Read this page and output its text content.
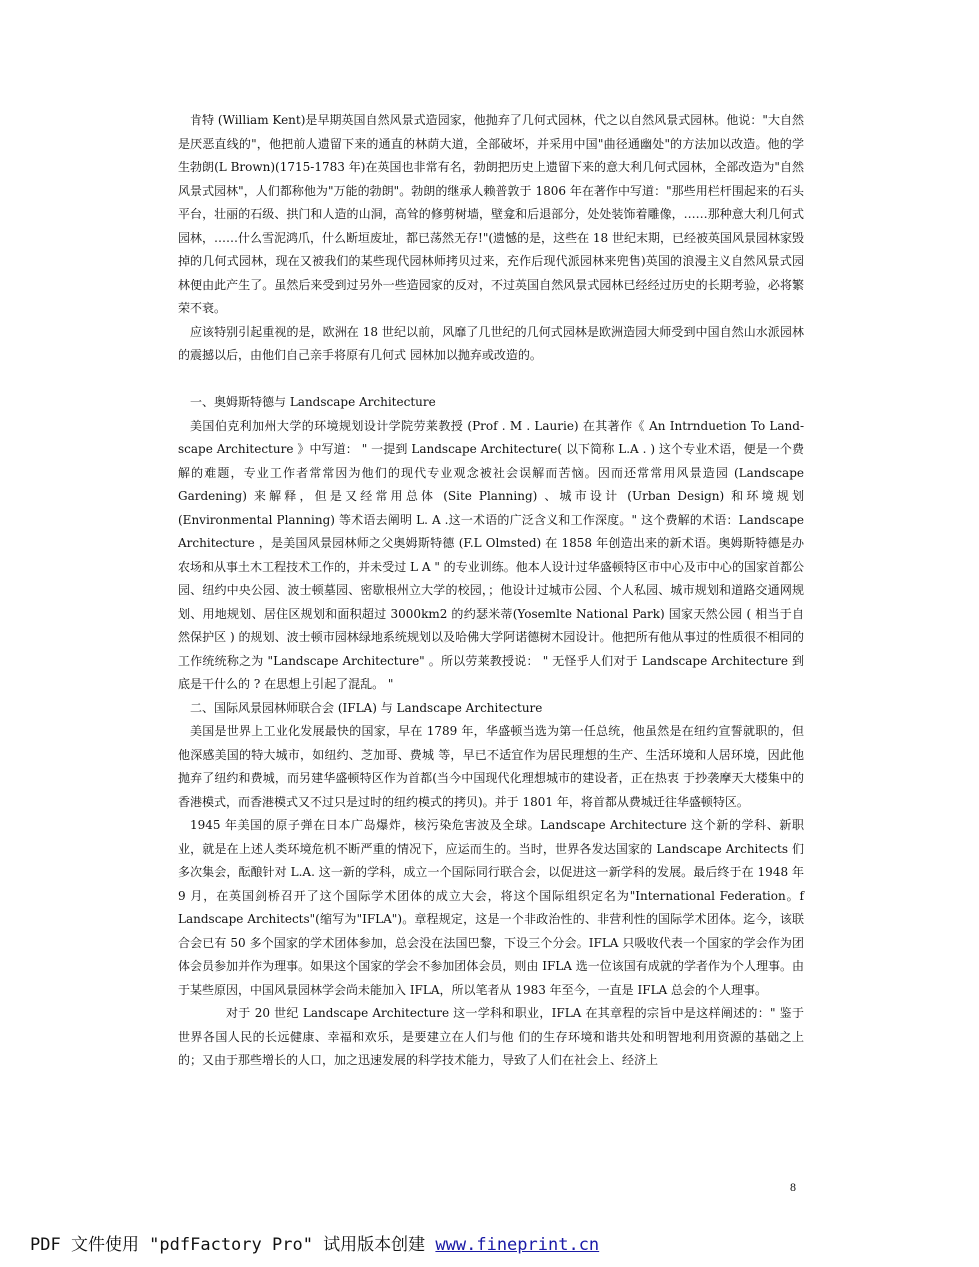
肯特 (William Kent)是早期英国自然风景式造园家，他抛弃了几何式园林，代之以自然风景式园林。他说："大自然是厌恶直线的"，他把前人遗留下来的通直的林荫大道，全部破坏，并采用中国"曲径通幽处"的方法加以改造。他的学生勃朗(L Brown)(1715-1783 年)在英国也非常有名，勃朗把历史上遗留下来的意大利几何式园林，全部改造为"自然风景式园林"，人们都称他为"万能的勃朗"。勃朗的继承人赖普敦于 1806 年在著作中写道："那些用栏杆围起来的石头平台，壮丽的石级、拱门和人造的山洞，高耸的修剪树墙，壁龛和后退部分，处处装饰着雕像，……那种意大利几何式园林，……什么雪泥鸿爪，什么断垣废址，都已荡然无存!"(遗憾的是，这些在 18 世纪末期，已经被英国风景园林家毁掉的几何式园林，现在又被我们的某些现代园林师拷贝过来，充作后现代派园林来兜售)英国的浪漫主义自然风景式园林便由此产生了。虽然后来受到过另外一些造园家的反对，不过英国自然风景式园林已经经过历史的长期考验，必将繁荣不衰。

应该特别引起重视的是，欧洲在 18 世纪以前，风靡了几世纪的几何式园林是欧洲造园大师受到中国自然山水派园林的震撼以后，由他们自己亲手将原有几何式 园林加以抛弃或改造的。

一、奥姆斯特德与 Landscape Architecture

美国伯克利加州大学的环境规划设计学院劳莱教授 (Prof . M . Laurie) 在其著作《 An Intrnduetion To Land-scape Architecture 》中写道： " 一提到 Landscape Architecture( 以下简称 L.A . ) 这个专业术语，便是一个费解的难题，专业工作者常常因为他们的现代专业观念被社会误解而苦恼。因而还常常用风景造园 (Landscape Gardening) 来解释，但是又经常用总体 (Site Planning) 、城市设计 (Urban Design) 和环境规划 (Environmental Planning) 等术语去阐明 L. A .这一术语的广泛含义和工作深度。" 这个费解的术语：Landscape Architecture ，是美国风景园林师之父奥姆斯特德 (F.L Olmsted) 在 1858 年创造出来的新术语。奥姆斯特德是办农场和从事土木工程技术工作的，并未受过 L A " 的专业训练。他本人设计过华盛顿特区市中心及市中心的国家首都公园、纽约中央公园、波士顿墓园、密歇根州立大学的校园，；他设计过城市公园、个人私园、城市规划和道路交通网规划、用地规划、居住区规划和面积超过 3000km2 的约瑟米蒂(Yosemlte National Park) 国家天然公园 ( 相当于自然保护区 ) 的规划、波士顿市园林绿地系统规划以及哈佛大学阿诺德树木园设计。他把所有他从事过的性质很不相同的工作统统称之为 "Landscape Architecture" 。所以劳莱教授说： " 无怪乎人们对于 Landscape Architecture 到底是干什么的 ? 在思想上引起了混乱。 "

二、国际风景园林师联合会 (IFLA) 与 Landscape Architecture

美国是世界上工业化发展最快的国家，早在 1789 年，华盛顿当选为第一任总统，他虽然是在纽约宣誓就职的，但他深感美国的特大城市，如纽约、芝加哥、费城 等，早已不适宜作为居民理想的生产、生活环境和人居环境，因此他抛弃了纽约和费城，而另建华盛顿特区作为首都(当今中国现代化理想城市的建设者，正在热衷 于抄袭摩天大楼集中的香港模式，而香港模式又不过只是过时的纽约模式的拷贝)。并于 1801 年，将首都从费城迁往华盛顿特区。

1945 年美国的原子弹在日本广岛爆炸，核污染危害波及全球。Landscape Architecture 这个新的学科、新职业，就是在上述人类环境危机不断严重的情况下，应运而生的。当时，世界各发达国家的 Landscape Architects 们多次集会，酝酿针对 L.A. 这一新的学科，成立一个国际同行联合会，以促进这一新学科的发展。最后终于在 1948 年 9 月，在英国剑桥召开了这个国际学术团体的成立大会，将这个国际组织定名为"International Federation。f Landscape Architects"(缩写为"IFLA")。章程规定，这是一个非政治性的、非营利性的国际学术团体。迄今，该联合会已有 50 多个国家的学术团体参加，总会没在法国巴黎，下设三个分会。IFLA 只吸收代表一个国家的学会作为团体会员参加并作为理事。如果这个国家的学会不参加团体会员，则由 IFLA 选一位该国有成就的学者作为个人理事。由于某些原因，中国风景园林学会尚未能加入 IFLA，所以笔者从 1983 年至今，一直是 IFLA 总会的个人理事。

对于 20 世纪 Landscape Architecture 这一学科和职业，IFLA 在其章程的宗旨中是这样阐述的：" 鉴于世界各国人民的长远健康、幸福和欢乐，是要建立在人们与他 们的生存环境和谐共处和明智地利用资源的基础之上的；又由于那些增长的人口，加之迅速发展的科学技术能力，导致了人们在社会上、经济上

8
PDF 文件使用 "pdfFactory Pro" 试用版本创建 www.fineprint.cn
